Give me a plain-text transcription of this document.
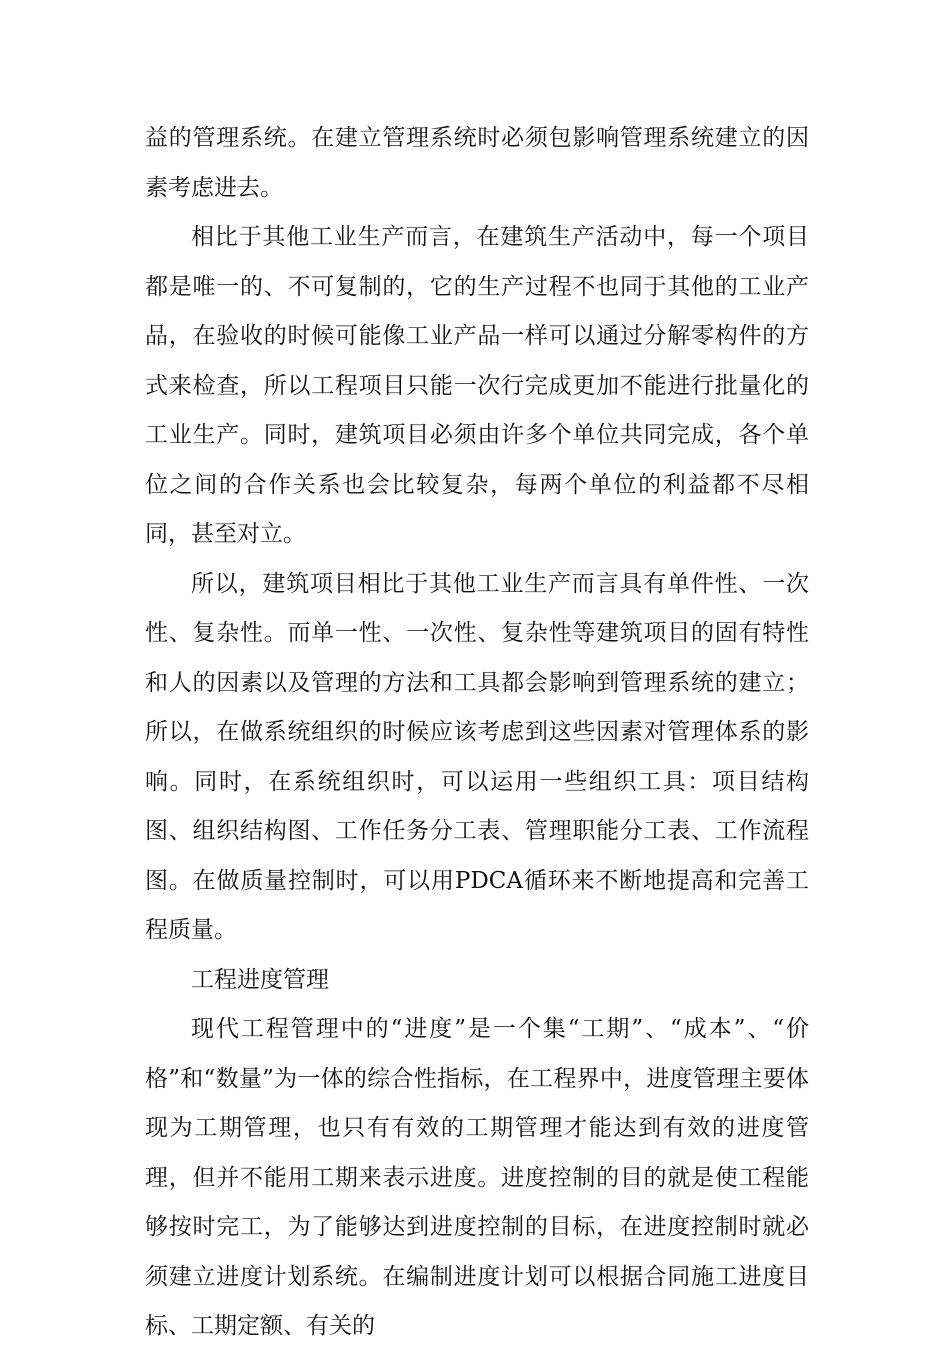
益的管理系统。在建立管理系统时必须包影响管理系统建立的因素考虑进去。

相比于其他工业生产而言，在建筑生产活动中，每一个项目都是唯一的、不可复制的，它的生产过程不也同于其他的工业产品，在验收的时候可能像工业产品一样可以通过分解零构件的方式来检查，所以工程项目只能一次行完成更加不能进行批量化的工业生产。同时，建筑项目必须由许多个单位共同完成，各个单位之间的合作关系也会比较复杂，每两个单位的利益都不尽相同，甚至对立。

所以，建筑项目相比于其他工业生产而言具有单件性、一次性、复杂性。而单一性、一次性、复杂性等建筑项目的固有特性和人的因素以及管理的方法和工具都会影响到管理系统的建立；所以，在做系统组织的时候应该考虑到这些因素对管理体系的影响。同时，在系统组织时，可以运用一些组织工具：项目结构图、组织结构图、工作任务分工表、管理职能分工表、工作流程图。在做质量控制时，可以用PDCA循环来不断地提高和完善工程质量。

工程进度管理

现代工程管理中的“进度”是一个集“工期”、“成本”、“价格”和“数量”为一体的综合性指标，在工程界中，进度管理主要体现为工期管理，也只有有效的工期管理才能达到有效的进度管理，但并不能用工期来表示进度。进度控制的目的就是使工程能够按时完工，为了能够达到进度控制的目标，在进度控制时就必须建立进度计划系统。在编制进度计划可以根据合同施工进度目标、工期定额、有关的
